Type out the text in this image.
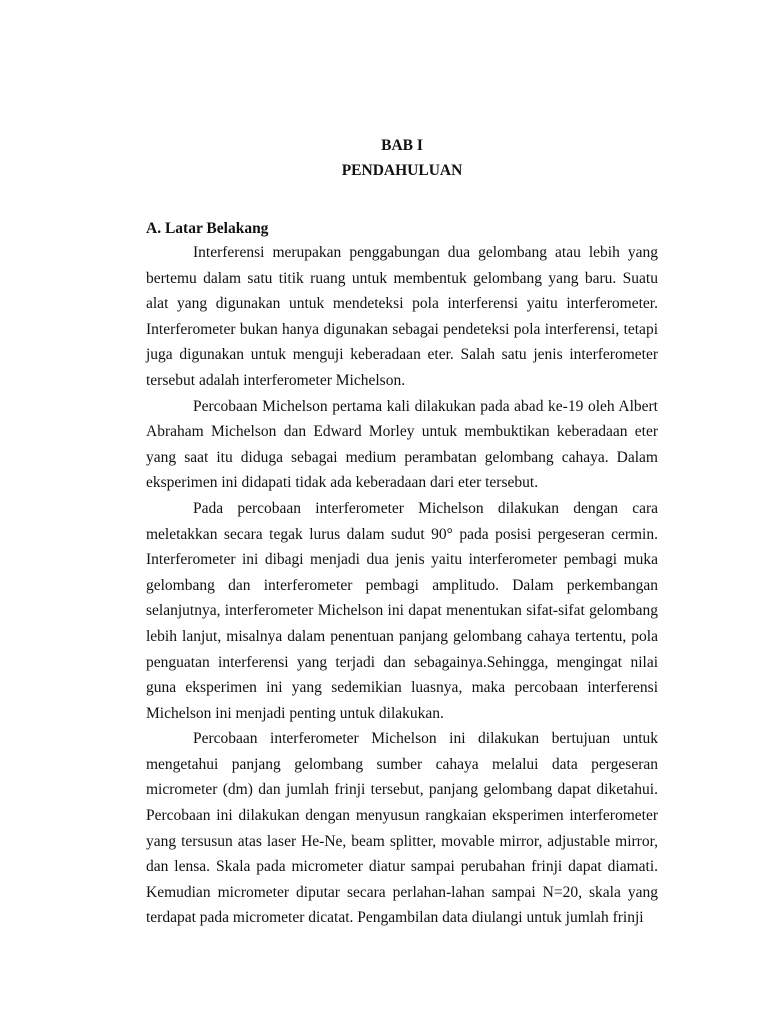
BAB I
PENDAHULUAN
A. Latar Belakang

Interferensi merupakan penggabungan dua gelombang atau lebih yang bertemu dalam satu titik ruang untuk membentuk gelombang yang baru. Suatu alat yang digunakan untuk mendeteksi pola interferensi yaitu interferometer. Interferometer bukan hanya digunakan sebagai pendeteksi pola interferensi, tetapi juga digunakan untuk menguji keberadaan eter. Salah satu jenis interferometer tersebut adalah interferometer Michelson.

Percobaan Michelson pertama kali dilakukan pada abad ke-19 oleh Albert Abraham Michelson dan Edward Morley untuk membuktikan keberadaan eter yang saat itu diduga sebagai medium perambatan gelombang cahaya. Dalam eksperimen ini didapati tidak ada keberadaan dari eter tersebut.

Pada percobaan interferometer Michelson dilakukan dengan cara meletakkan secara tegak lurus dalam sudut 90° pada posisi pergeseran cermin. Interferometer ini dibagi menjadi dua jenis yaitu interferometer pembagi muka gelombang dan interferometer pembagi amplitudo. Dalam perkembangan selanjutnya, interferometer Michelson ini dapat menentukan sifat-sifat gelombang lebih lanjut, misalnya dalam penentuan panjang gelombang cahaya tertentu, pola penguatan interferensi yang terjadi dan sebagainya.Sehingga, mengingat nilai guna eksperimen ini yang sedemikian luasnya, maka percobaan interferensi Michelson ini menjadi penting untuk dilakukan.

Percobaan interferometer Michelson ini dilakukan bertujuan untuk mengetahui panjang gelombang sumber cahaya melalui data pergeseran micrometer (dm) dan jumlah frinji tersebut, panjang gelombang dapat diketahui. Percobaan ini dilakukan dengan menyusun rangkaian eksperimen interferometer yang tersusun atas laser He-Ne, beam splitter, movable mirror, adjustable mirror, dan lensa. Skala pada micrometer diatur sampai perubahan frinji dapat diamati. Kemudian micrometer diputar secara perlahan-lahan sampai N=20, skala yang terdapat pada micrometer dicatat. Pengambilan data diulangi untuk jumlah frinji
